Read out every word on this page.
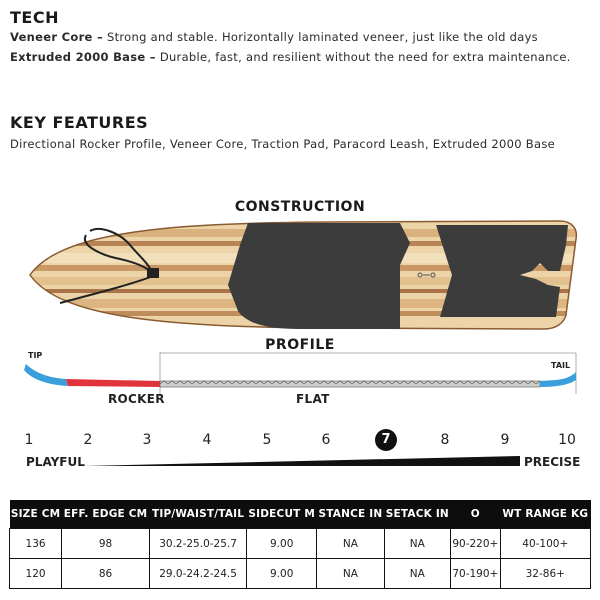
TECH
Veneer Core – Strong and stable. Horizontally laminated veneer, just like the old days
Extruded 2000 Base – Durable, fast, and resilient without the need for extra maintenance.
KEY FEATURES
Directional Rocker Profile, Veneer Core, Traction Pad, Paracord Leash, Extruded 2000 Base
CONSTRUCTION
PROFILE
TIP
TAIL
ROCKER	FLAT
1	2	3	4	5	6	7	8	9	10
PLAYFUL	PRECISE
SIZE CM	EFF. EDGE CM	TIP/WAIST/TAIL	SIDECUT M	STANCE IN	SETACK IN	O	WT RANGE KG
136	98	30.2-25.0-25.7	9.00	NA	NA	90-220+	40-100+
120	86	29.0-24.2-24.5	9.00	NA	NA	70-190+	32-86+
